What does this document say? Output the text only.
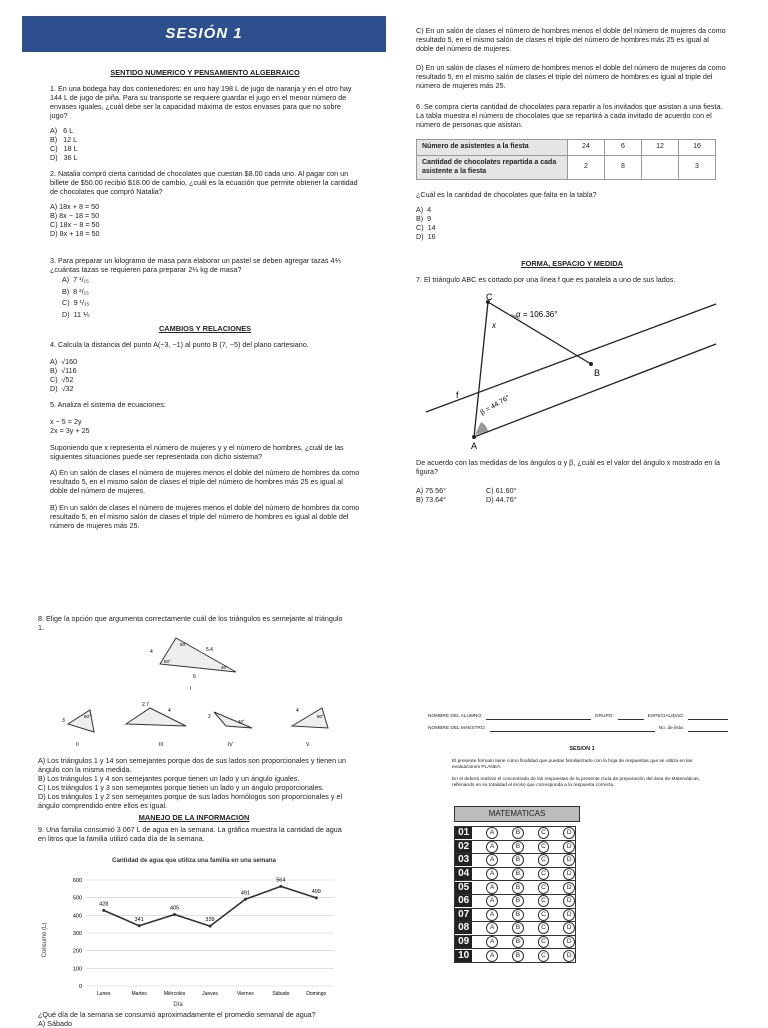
SESIÓN 1
SENTIDO NUMERICO Y PENSAMIENTO ALGEBRAICO

1. En una bodega hay dos contenedores: en uno hay 198 L de jugo de naranja y en el otro hay 144 L de jugo de piña. Para su transporte se requiere guardar el jugo en el menor número de envases iguales, ¿cuál debe ser la capacidad máxima de estos envases para que no sobre jugo?

A)   6 L
B)   12 L
C)   18 L
D)   36 L

2. Natalia compró cierta cantidad de chocolates que cuestan $8.00 cada uno. Al pagar con un billete de $50.00 recibió $18.00 de cambio, ¿cuál es la ecuación que permite obtener la cantidad de chocolates que compró Natalia?

A) 18x + 8 = 50
B) 8x − 18 = 50
C) 18x − 8 = 50
D) 8x + 18 = 50

3. Para preparar un kilogramo de masa para elaborar un pastel se deben agregar tazas 4⅘ ¿cuántas tazas se requieren para preparar 2⅓ kg de masa?

A)  7 ¹/₁₅
B)  8 ²/₁₅
C)  9 ¹/₁₅
D)  11 ⅕
CAMBIOS Y RELACIONES

4. Calcula la distancia del punto A(−3, −1) al punto B (7, −5) del plano cartesiano.

A)  √160
B)  √116
C)  √52
D)  √32

5. Analiza el sistema de ecuaciones:

x − 5 = 2y
2x = 3y + 25

Suponiendo que x representa el número de mujeres y y el número de hombres, ¿cuál de las siguientes situaciones puede ser representada con dicho sistema?

A) En un salón de clases el número de mujeres menos el doble del número de hombres da como resultado 5, en el mismo salón de clases el triple del número de hombres más 25 es igual al doble del número de mujeres.

B) En un salón de clases el número de mujeres menos el doble del número de hombres da como resultado 5, en el mismo salón de clases el triple del número de hombres es igual al doble del número de mujeres más 25.

C) En un salón de clases el número de hombres menos el doble del número de mujeres da como resultado 5, en el mismo salón de clases el triple del número de hombres más 25 es igual al doble del número de mujeres.

D) En un salón de clases el número de hombres menos el doble del número de mujeres da como resultado 5, en el mismo salón de clases el triple del número de hombres es igual al triple del número de mujeres más 25.

6. Se compra cierta cantidad de chocolates para repartir a los invitados que asistan a una fiesta. La tabla muestra el número de chocolates que se repartirá a cada invitado de acuerdo con el número de personas que asistan.

Número de asistentes a la fiesta	24	6	12	16
Cantidad de chocolates repartida a cada asistente a la fiesta	2	8		3

¿Cuál es la cantidad de chocolates que falta en la tabla?

A)  4
B)  9
C)  14
D)  16
FORMA, ESPACIO Y MEDIDA

7. El triángulo ABC es cortado por una línea f que es paralela a uno de sus lados.

C
B
A
f
x
α = 106.36°
β = 44.76°

De acuerdo con las medidas de los ángulos α y β, ¿cuál es el valor del ángulo x mostrado en la figura?

A) 75.56°	C) 61.60°
B) 73.64°	D) 44.76°
8. Elige la opción que argumenta correctamente cuál de los triángulos es semejante al triángulo 1.
4	5.4
6
60°
40°
80°
I
3
60°
II
2.7
4
III
2
40°
IV
4
80°
V
A) Los triángulos 1 y 14 son semejantes porque dos de sus lados son proporcionales y tienen un ángulo con la misma medida.
B) Los triángulos 1 y 4 son semejantes porque tienen un lado y un ángulo iguales.
C) Los triángulos 1 y 3 son semejantes porque tienen un lado y un ángulo proporcionales.
D) Los triángulos 1 y 2 son semejantes porque de sus lados homólogos son proporcionales y el ángulo comprendido entre ellos es igual.
MANEJO DE LA INFORMACION

9. Una familia consumió 3 067 L de agua en la semana. La gráfica muestra la cantidad de agua en litros que la familia utilizó cada día de la semana.

Cantidad de agua que utiliza una familia en una semana
Consumo (L)
Día
0
100
200
300
400
500
600
Lunes	Martes	Miércoles	Jueves	Viernes	Sábado	Domingo
428
341
405
339
491
564
499
¿Qué día de la semana se consumió aproximadamente el promedio semanal de agua?
A) Sábado
NOMBRE DEL ALUMNO:	GRUPO:	ESPECIALIDAD:
NOMBRE DEL MAESTRO:	No. de lista:
SESION 1

El presente formato tiene como finalidad que puedas familiarizarte con la hoja de respuestas que se utiliza en las evaluaciones PLANEA.

En el deberá realizar el concentrado de las respuestas de la presente Guía de preparación del área de Matemáticas, rellenando en su totalidad el inciso que corresponda a la respuesta correcta.

MATEMATICAS
01	A	B	C	D
02	A	B	C	D
03	A	B	C	D
04	A	B	C	D
05	A	B	C	D
06	A	B	C	D
07	A	B	C	D
08	A	B	C	D
09	A	B	C	D
10	A	B	C	D
